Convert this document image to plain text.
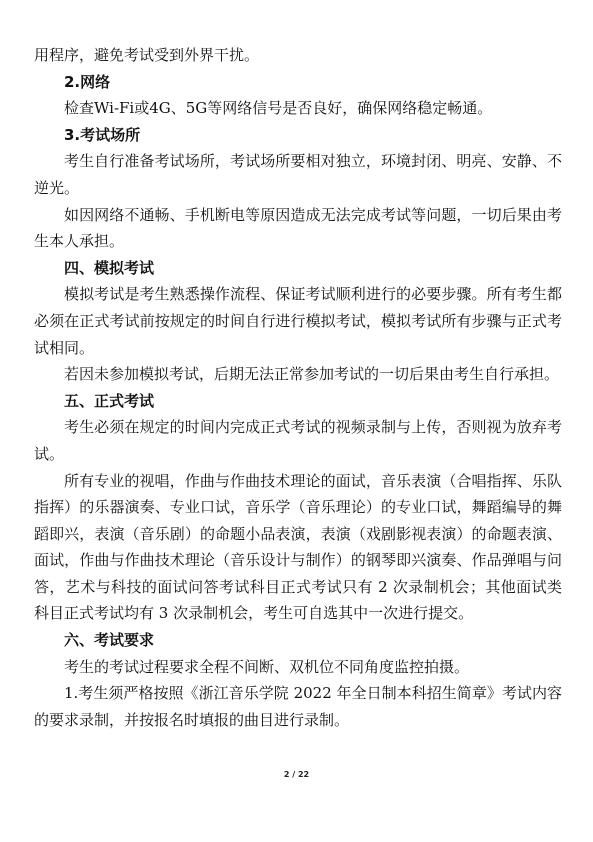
用程序，避免考试受到外界干扰。

2.网络

检查Wi-Fi或4G、5G等网络信号是否良好，确保网络稳定畅通。

3.考试场所

考生自行准备考试场所，考试场所要相对独立，环境封闭、明亮、安静、不逆光。

如因网络不通畅、手机断电等原因造成无法完成考试等问题，一切后果由考生本人承担。

四、模拟考试

模拟考试是考生熟悉操作流程、保证考试顺利进行的必要步骤。所有考生都必须在正式考试前按规定的时间自行进行模拟考试，模拟考试所有步骤与正式考试相同。

若因未参加模拟考试，后期无法正常参加考试的一切后果由考生自行承担。

五、正式考试

考生必须在规定的时间内完成正式考试的视频录制与上传，否则视为放弃考试。

所有专业的视唱，作曲与作曲技术理论的面试，音乐表演（合唱指挥、乐队指挥）的乐器演奏、专业口试，音乐学（音乐理论）的专业口试，舞蹈编导的舞蹈即兴，表演（音乐剧）的命题小品表演，表演（戏剧影视表演）的命题表演、面试，作曲与作曲技术理论（音乐设计与制作）的钢琴即兴演奏、作品弹唱与问答，艺术与科技的面试问答考试科目正式考试只有 2 次录制机会；其他面试类科目正式考试均有 3 次录制机会，考生可自选其中一次进行提交。

六、考试要求

考生的考试过程要求全程不间断、双机位不同角度监控拍摄。

1.考生须严格按照《浙江音乐学院 2022 年全日制本科招生简章》考试内容的要求录制，并按报名时填报的曲目进行录制。

2 / 22
